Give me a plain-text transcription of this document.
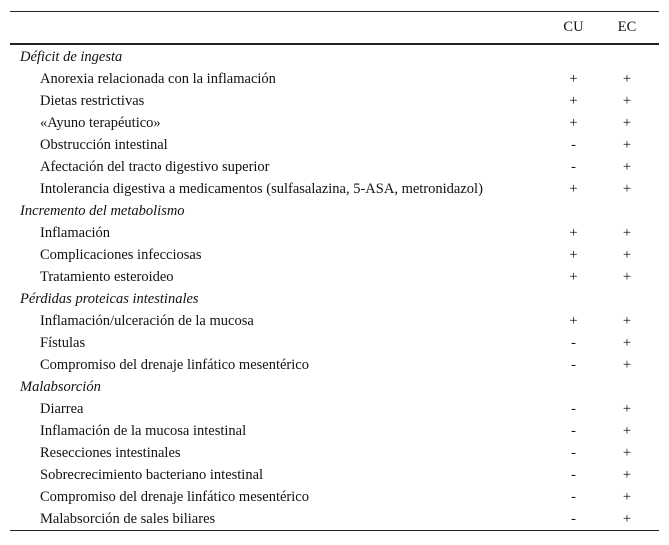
	CU	EC
Déficit de ingesta		
Anorexia relacionada con la inflamación	+	+
Dietas restrictivas	+	+
«Ayuno terapéutico»	+	+
Obstrucción intestinal	-	+
Afectación del tracto digestivo superior	-	+
Intolerancia digestiva a medicamentos (sulfasalazina, 5-ASA, metronidazol)	+	+
Incremento del metabolismo		
Inflamación	+	+
Complicaciones infecciosas	+	+
Tratamiento esteroideo	+	+
Pérdidas proteicas intestinales		
Inflamación/ulceración de la mucosa	+	+
Fístulas	-	+
Compromiso del drenaje linfático mesentérico	-	+
Malabsorción		
Diarrea	-	+
Inflamación de la mucosa intestinal	-	+
Resecciones intestinales	-	+
Sobrecrecimiento bacteriano intestinal	-	+
Compromiso del drenaje linfático mesentérico	-	+
Malabsorción de sales biliares	-	+
